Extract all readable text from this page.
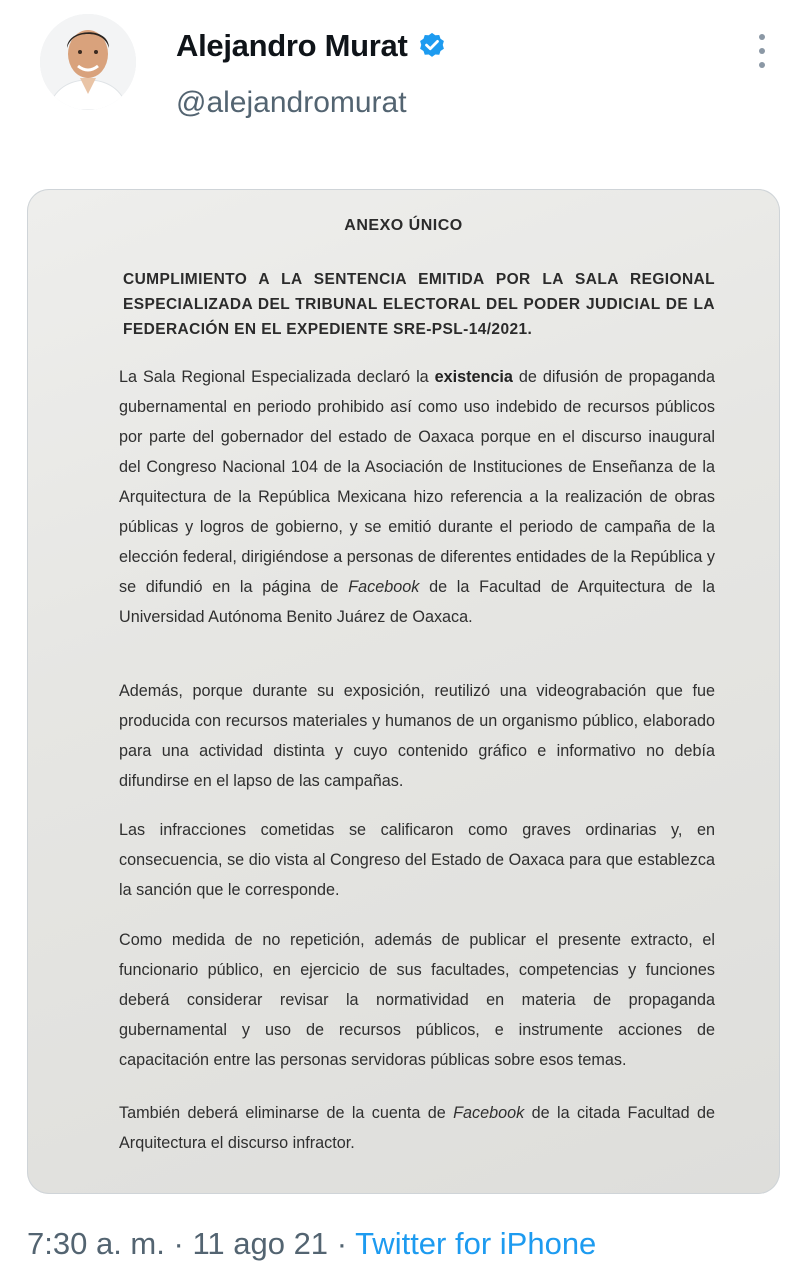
Alejandro Murat
@alejandromurat
ANEXO ÚNICO
CUMPLIMIENTO A LA SENTENCIA EMITIDA POR LA SALA REGIONAL ESPECIALIZADA DEL TRIBUNAL ELECTORAL DEL PODER JUDICIAL DE LA FEDERACIÓN EN EL EXPEDIENTE SRE-PSL-14/2021.
La Sala Regional Especializada declaró la existencia de difusión de propaganda gubernamental en periodo prohibido así como uso indebido de recursos públicos por parte del gobernador del estado de Oaxaca porque en el discurso inaugural del Congreso Nacional 104 de la Asociación de Instituciones de Enseñanza de la Arquitectura de la República Mexicana hizo referencia a la realización de obras públicas y logros de gobierno, y se emitió durante el periodo de campaña de la elección federal, dirigiéndose a personas de diferentes entidades de la República y se difundió en la página de Facebook de la Facultad de Arquitectura de la Universidad Autónoma Benito Juárez de Oaxaca.
Además, porque durante su exposición, reutilizó una videograbación que fue producida con recursos materiales y humanos de un organismo público, elaborado para una actividad distinta y cuyo contenido gráfico e informativo no debía difundirse en el lapso de las campañas.
Las infracciones cometidas se calificaron como graves ordinarias y, en consecuencia, se dio vista al Congreso del Estado de Oaxaca para que establezca la sanción que le corresponde.
Como medida de no repetición, además de publicar el presente extracto, el funcionario público, en ejercicio de sus facultades, competencias y funciones deberá considerar revisar la normatividad en materia de propaganda gubernamental y uso de recursos públicos, e instrumente acciones de capacitación entre las personas servidoras públicas sobre esos temas.
También deberá eliminarse de la cuenta de Facebook de la citada Facultad de Arquitectura el discurso infractor.
7:30 a. m. · 11 ago 21 · Twitter for iPhone
